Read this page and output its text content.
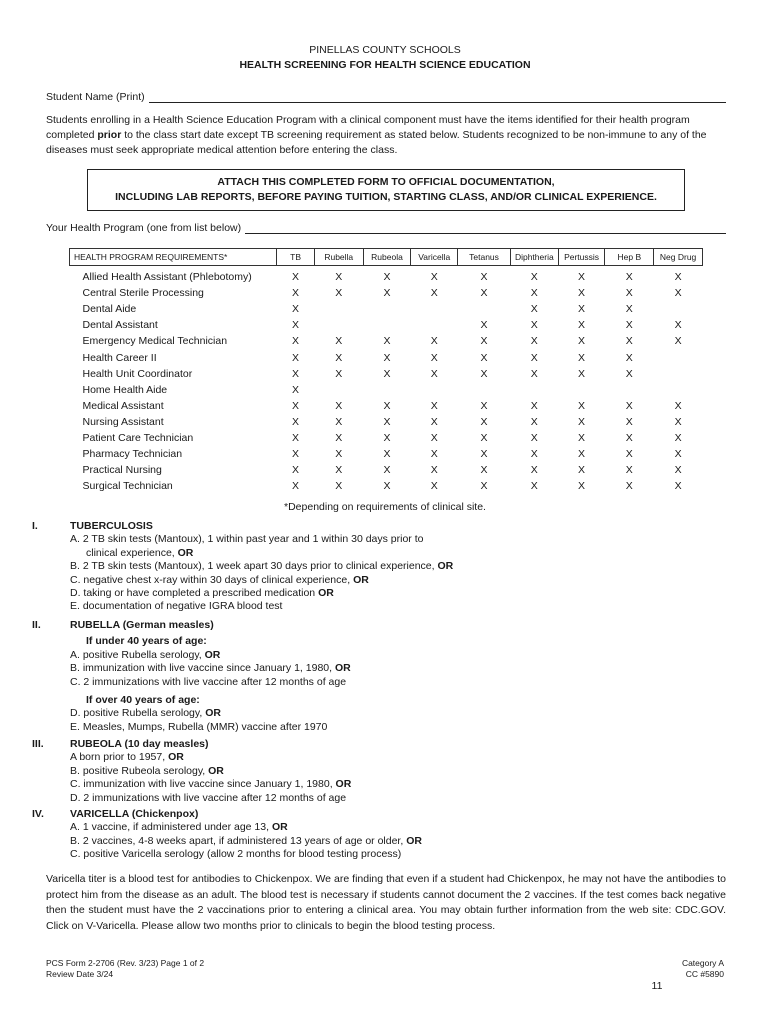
PINELLAS COUNTY SCHOOLS
HEALTH SCREENING FOR HEALTH SCIENCE EDUCATION
Student Name (Print)
Students enrolling in a Health Science Education Program with a clinical component must have the items identified for their health program completed prior to the class start date except TB screening requirement as stated below. Students recognized to be non-immune to any of the diseases must seek appropriate medical attention before entering the class.
ATTACH THIS COMPLETED FORM TO OFFICIAL DOCUMENTATION,
INCLUDING LAB REPORTS, BEFORE PAYING TUITION, STARTING CLASS, AND/OR CLINICAL EXPERIENCE.
Your Health Program (one from list below)
HEALTH PROGRAM REQUIREMENTS*	TB	Rubella	Rubeola	Varicella	Tetanus	Diphtheria	Pertussis	Hep B	Neg Drug
Allied Health Assistant (Phlebotomy)	X	X	X	X	X	X	X	X	X
Central Sterile Processing	X	X	X	X	X	X	X	X	X
Dental Aide	X					X	X	X	
Dental Assistant	X				X	X	X	X	X
Emergency Medical Technician	X	X	X	X	X	X	X	X	X
Health Career II	X	X	X	X	X	X	X	X	
Health Unit Coordinator	X	X	X	X	X	X	X	X	
Home Health Aide	X								
Medical Assistant	X	X	X	X	X	X	X	X	X
Nursing Assistant	X	X	X	X	X	X	X	X	X
Patient Care Technician	X	X	X	X	X	X	X	X	X
Pharmacy Technician	X	X	X	X	X	X	X	X	X
Practical Nursing	X	X	X	X	X	X	X	X	X
Surgical Technician	X	X	X	X	X	X	X	X	X
*Depending on requirements of clinical site.
I.	TUBERCULOSIS
A. 2 TB skin tests (Mantoux), 1 within past year and 1 within 30 days prior to
clinical experience, OR
B. 2 TB skin tests (Mantoux), 1 week apart 30 days prior to clinical experience, OR
C. negative chest x-ray within 30 days of clinical experience, OR
D. taking or have completed a prescribed medication OR
E. documentation of negative IGRA blood test
II.	RUBELLA (German measles)
If under 40 years of age:
A. positive Rubella serology, OR
B. immunization with live vaccine since January 1, 1980, OR
C. 2 immunizations with live vaccine after 12 months of age
If over 40 years of age:
D. positive Rubella serology, OR
E. Measles, Mumps, Rubella (MMR) vaccine after 1970
III.	RUBEOLA (10 day measles)
A born prior to 1957, OR
B. positive Rubeola serology, OR
C. immunization with live vaccine since January 1, 1980, OR
D. 2 immunizations with live vaccine after 12 months of age
IV. VARICELLA (Chickenpox)
A. 1 vaccine, if administered under age 13, OR
B. 2 vaccines, 4-8 weeks apart, if administered 13 years of age or older, OR
C. positive Varicella serology (allow 2 months for blood testing process)
Varicella titer is a blood test for antibodies to Chickenpox. We are finding that even if a student had Chickenpox, he may not have the antibodies to protect him from the disease as an adult. The blood test is necessary if students cannot document the 2 vaccines. If the test comes back negative then the student must have the 2 vaccinations prior to entering a clinical area. You may obtain further information from the web site: CDC.GOV. Click on V-Varicella. Please allow two months prior to clinicals to begin the blood testing process.
PCS Form 2-2706 (Rev. 3/23) Page 1 of 2
Review Date 3/24
Category A
CC #5890
11
